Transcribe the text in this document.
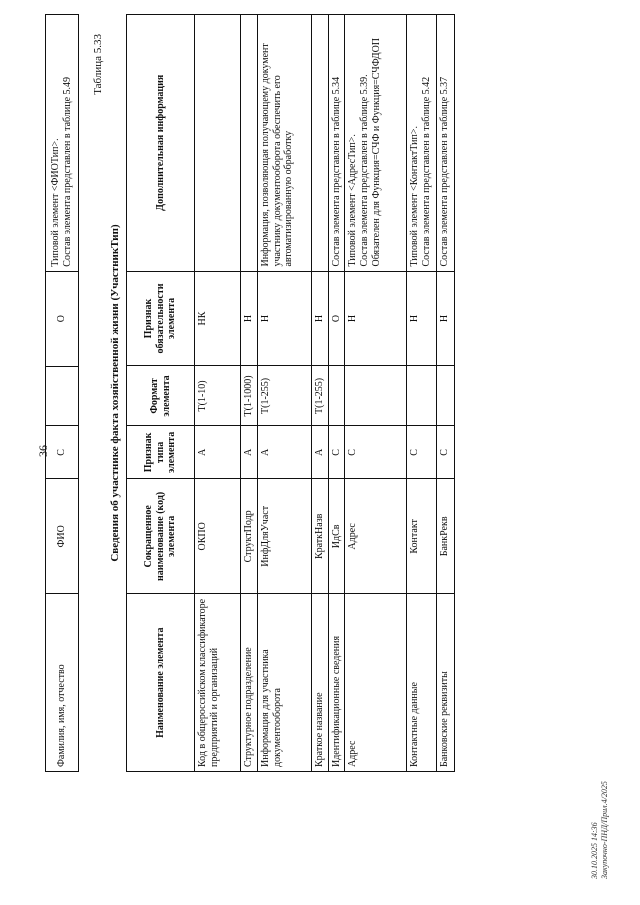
36
Фамилия, имя, отчество	ФИО	С		О	Типовой элемент <ФИОТип>.
Состав элемента представлен в таблице 5.49 Таблица 5.33
Сведения об участнике факта хозяйственной жизни (УчастникТип)
Наименование элемента	Сокращенное наименование (код) элемента	Признак типа элемента	Формат элемента	Признак обязательности элемента	Дополнительная информация
Код в общероссийском классификаторе предприятий и организаций	ОКПО	А	T(1-10)	НК	
Структурное подразделение	СтруктПодр	А	T(1-1000)	Н	
Информация для участника документооборота	ИнфДляУчаст	А	T(1-255)	Н	Информация, позволяющая получающему документ участнику документооборота обеспечить его автоматизированную обработку
Краткое название	КраткНазв	А	T(1-255)	Н	
Идентификационные сведения	ИдСв	С		О	Состав элемента представлен в таблице 5.34
Адрес	Адрес	С		Н	Типовой элемент <АдресТип>.
Состав элемента представлен в таблице 5.39.
Обязателен для Функция=СЧФ и Функция=СЧФДОП
Контактные данные	Контакт	С		Н	Типовой элемент <КонтактТип>.
Состав элемента представлен в таблице 5.42
Банковские реквизиты	БанкРекв	С		Н	Состав элемента представлен в таблице 5.37
30.10.2025 14:36
Закупочно-ПНД/Прил.4/2025
